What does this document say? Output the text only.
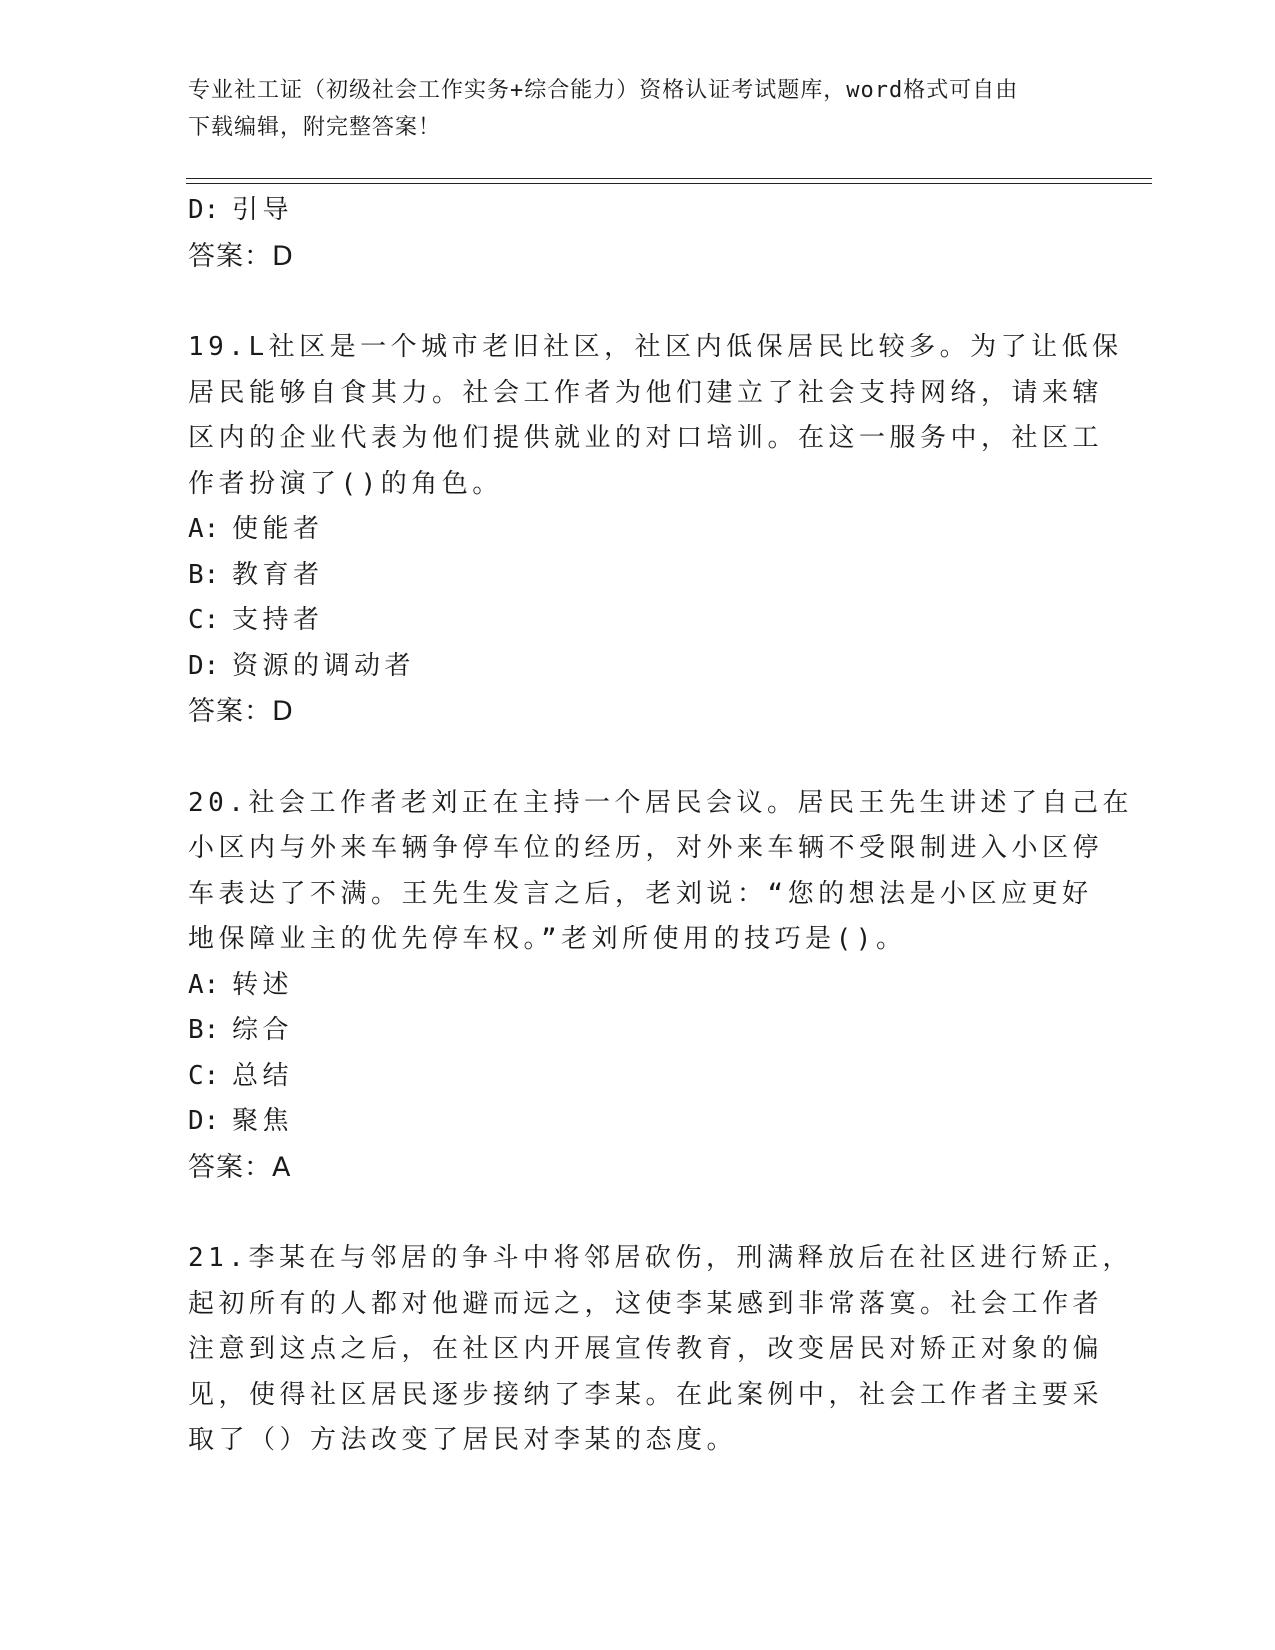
专业社工证（初级社会工作实务+综合能力）资格认证考试题库，word格式可自由
下载编辑，附完整答案！
D: 引导
答案：D
19.L社区是一个城市老旧社区，社区内低保居民比较多。为了让低保
居民能够自食其力。社会工作者为他们建立了社会支持网络，请来辖
区内的企业代表为他们提供就业的对口培训。在这一服务中，社区工
作者扮演了()的角色。
A: 使能者
B: 教育者
C: 支持者
D: 资源的调动者
答案：D
20.社会工作者老刘正在主持一个居民会议。居民王先生讲述了自己在
小区内与外来车辆争停车位的经历，对外来车辆不受限制进入小区停
车表达了不满。王先生发言之后，老刘说：“您的想法是小区应更好
地保障业主的优先停车权。”老刘所使用的技巧是()。
A: 转述
B: 综合
C: 总结
D: 聚焦
答案：A
21.李某在与邻居的争斗中将邻居砍伤，刑满释放后在社区进行矫正，
起初所有的人都对他避而远之，这使李某感到非常落寞。社会工作者
注意到这点之后，在社区内开展宣传教育，改变居民对矫正对象的偏
见，使得社区居民逐步接纳了李某。在此案例中，社会工作者主要采
取了（）方法改变了居民对李某的态度。
